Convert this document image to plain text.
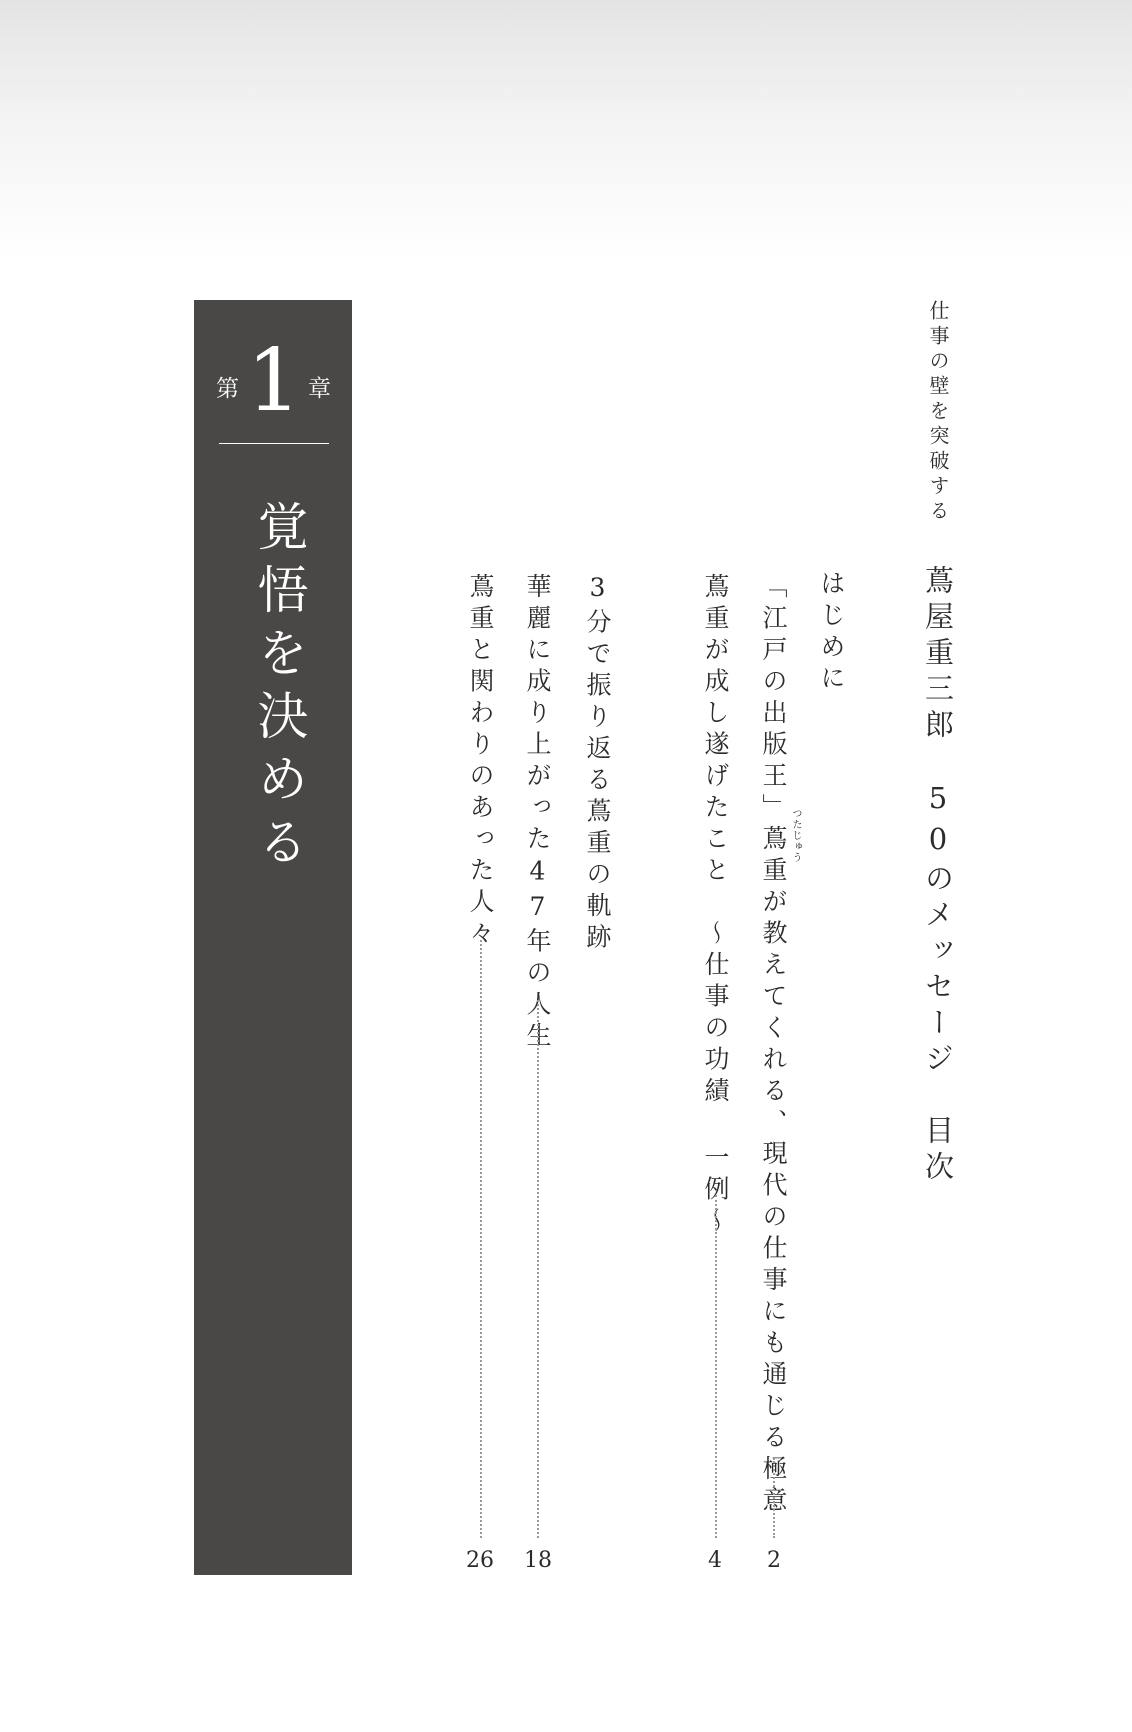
仕事の壁を突破する
蔦屋重三郎　50のメッセージ　目次
はじめに
「江戸の出版王」蔦重が教えてくれる、現代の仕事にも通じる極意 つたじゅう
2
蔦重が成し遂げたこと　〜仕事の功績 一例〜
4
3分で振り返る蔦重の軌跡
華麗に成り上がった47年の人生
18
蔦重と関わりのあった人々
26
第 1 章
覚悟を決める
